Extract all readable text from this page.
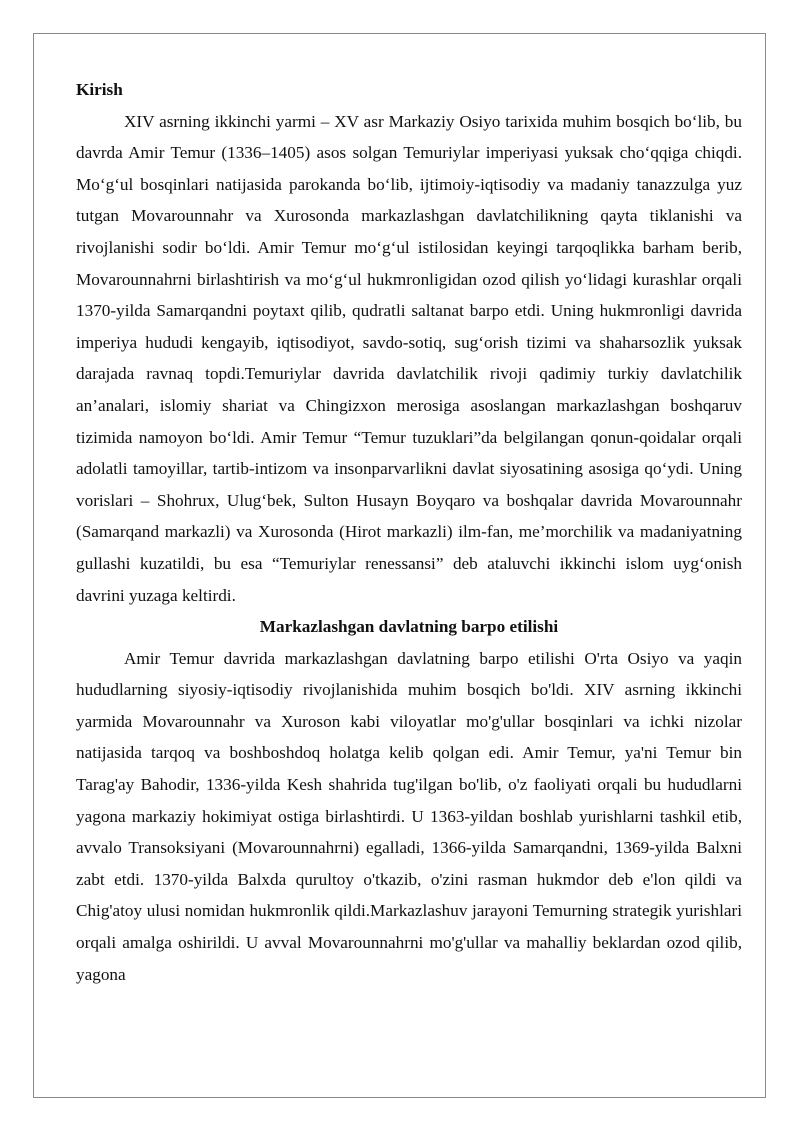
Kirish

XIV asrning ikkinchi yarmi – XV asr Markaziy Osiyo tarixida muhim bosqich bo‘lib, bu davrda Amir Temur (1336–1405) asos solgan Temuriylar imperiyasi yuksak cho‘qqiga chiqdi. Mo‘g‘ul bosqinlari natijasida parokanda bo‘lib, ijtimoiy-iqtisodiy va madaniy tanazzulga yuz tutgan Movarounnahr va Xurosonda markazlashgan davlatchilikning qayta tiklanishi va rivojlanishi sodir bo‘ldi. Amir Temur mo‘g‘ul istilosidan keyingi tarqoqlikka barham berib, Movarounnahrni birlashtirish va mo‘g‘ul hukmronligidan ozod qilish yo‘lidagi kurashlar orqali 1370-yilda Samarqandni poytaxt qilib, qudratli saltanat barpo etdi. Uning hukmronligi davrida imperiya hududi kengayib, iqtisodiyot, savdo-sotiq, sug‘orish tizimi va shaharsozlik yuksak darajada ravnaq topdi.Temuriylar davrida davlatchilik rivoji qadimiy turkiy davlatchilik an’analari, islomiy shariat va Chingizxon merosiga asoslangan markazlashgan boshqaruv tizimida namoyon bo‘ldi. Amir Temur “Temur tuzuklari”da belgilangan qonun-qoidalar orqali adolatli tamoyillar, tartib-intizom va insonparvarlikni davlat siyosatining asosiga qo‘ydi. Uning vorislari – Shohrux, Ulug‘bek, Sulton Husayn Boyqaro va boshqalar davrida Movarounnahr (Samarqand markazli) va Xurosonda (Hirot markazli) ilm-fan, me’morchilik va madaniyatning gullashi kuzatildi, bu esa “Temuriylar renessansi” deb ataluvchi ikkinchi islom uyg‘onish davrini yuzaga keltirdi.

Markazlashgan davlatning barpo etilishi

Amir Temur davrida markazlashgan davlatning barpo etilishi O'rta Osiyo va yaqin hududlarning siyosiy-iqtisodiy rivojlanishida muhim bosqich bo'ldi. XIV asrning ikkinchi yarmida Movarounnahr va Xuroson kabi viloyatlar mo'g'ullar bosqinlari va ichki nizolar natijasida tarqoq va boshboshdoq holatga kelib qolgan edi. Amir Temur, ya'ni Temur bin Tarag'ay Bahodir, 1336-yilda Kesh shahrida tug'ilgan bo'lib, o'z faoliyati orqali bu hududlarni yagona markaziy hokimiyat ostiga birlashtirdi. U 1363-yildan boshlab yurishlarni tashkil etib, avvalo Transoksiyani (Movarounnahrni) egalladi, 1366-yilda Samarqandni, 1369-yilda Balxni zabt etdi. 1370-yilda Balxda qurultoy o'tkazib, o'zini rasman hukmdor deb e'lon qildi va Chig'atoy ulusi nomidan hukmronlik qildi.Markazlashuv jarayoni Temurning strategik yurishlari orqali amalga oshirildi. U avval Movarounnahrni mo'g'ullar va mahalliy beklardan ozod qilib, yagona
